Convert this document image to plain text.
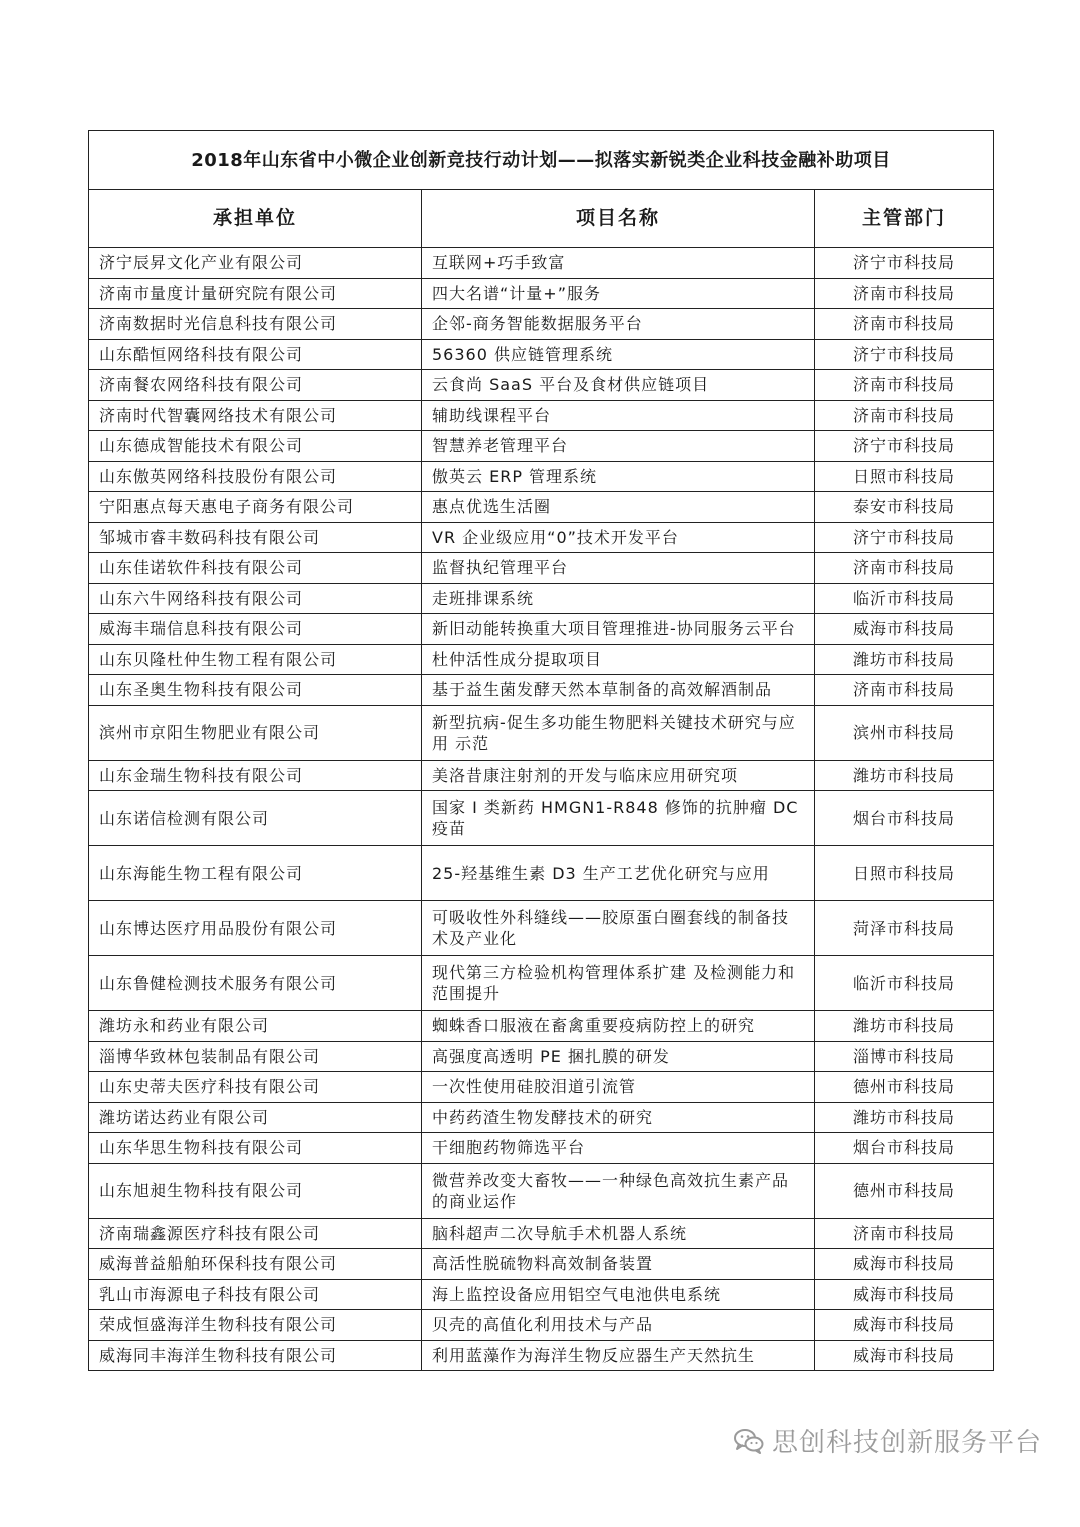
2018年山东省中小微企业创新竞技行动计划——拟落实新锐类企业科技金融补助项目		
承担单位	项目名称	主管部门
济宁辰昇文化产业有限公司	互联网+巧手致富	济宁市科技局
济南市量度计量研究院有限公司	四大名谱“计量+”服务	济南市科技局
济南数据时光信息科技有限公司	企邻-商务智能数据服务平台	济南市科技局
山东酷恒网络科技有限公司	56360 供应链管理系统	济宁市科技局
济南餐农网络科技有限公司	云食尚 SaaS 平台及食材供应链项目	济南市科技局
济南时代智囊网络技术有限公司	辅助线课程平台	济南市科技局
山东德成智能技术有限公司	智慧养老管理平台	济宁市科技局
山东傲英网络科技股份有限公司	傲英云 ERP 管理系统	日照市科技局
宁阳惠点每天惠电子商务有限公司	惠点优选生活圈	泰安市科技局
邹城市睿丰数码科技有限公司	VR 企业级应用“0”技术开发平台	济宁市科技局
山东佳诺软件科技有限公司	监督执纪管理平台	济南市科技局
山东六牛网络科技有限公司	走班排课系统	临沂市科技局
威海丰瑞信息科技有限公司	新旧动能转换重大项目管理推进-协同服务云平台	威海市科技局
山东贝隆杜仲生物工程有限公司	杜仲活性成分提取项目	潍坊市科技局
山东圣奥生物科技有限公司	基于益生菌发酵天然本草制备的高效解酒制品	济南市科技局
滨州市京阳生物肥业有限公司	新型抗病-促生多功能生物肥料关键技术研究与应用 示范	滨州市科技局
山东金瑞生物科技有限公司	美洛昔康注射剂的开发与临床应用研究项	潍坊市科技局
山东诺信检测有限公司	国家 I 类新药 HMGN1-R848 修饰的抗肿瘤 DC 疫苗	烟台市科技局
山东海能生物工程有限公司	25-羟基维生素 D3 生产工艺优化研究与应用	日照市科技局
山东博达医疗用品股份有限公司	可吸收性外科缝线——胶原蛋白圈套线的制备技术及产业化	菏泽市科技局
山东鲁健检测技术服务有限公司	现代第三方检验机构管理体系扩建 及检测能力和范围提升	临沂市科技局
潍坊永和药业有限公司	蜘蛛香口服液在畜禽重要疫病防控上的研究	潍坊市科技局
淄博华致林包装制品有限公司	高强度高透明 PE 捆扎膜的研发	淄博市科技局
山东史蒂夫医疗科技有限公司	一次性使用硅胶泪道引流管	德州市科技局
潍坊诺达药业有限公司	中药药渣生物发酵技术的研究	潍坊市科技局
山东华思生物科技有限公司	干细胞药物筛选平台	烟台市科技局
山东旭昶生物科技有限公司	微营养改变大畜牧——一种绿色高效抗生素产品的商业运作	德州市科技局
济南瑞鑫源医疗科技有限公司	脑科超声二次导航手术机器人系统	济南市科技局
威海普益船舶环保科技有限公司	高活性脱硫物料高效制备装置	威海市科技局
乳山市海源电子科技有限公司	海上监控设备应用铝空气电池供电系统	威海市科技局
荣成恒盛海洋生物科技有限公司	贝壳的高值化利用技术与产品	威海市科技局
威海同丰海洋生物科技有限公司	利用蓝藻作为海洋生物反应器生产天然抗生	威海市科技局
思创科技创新服务平台
